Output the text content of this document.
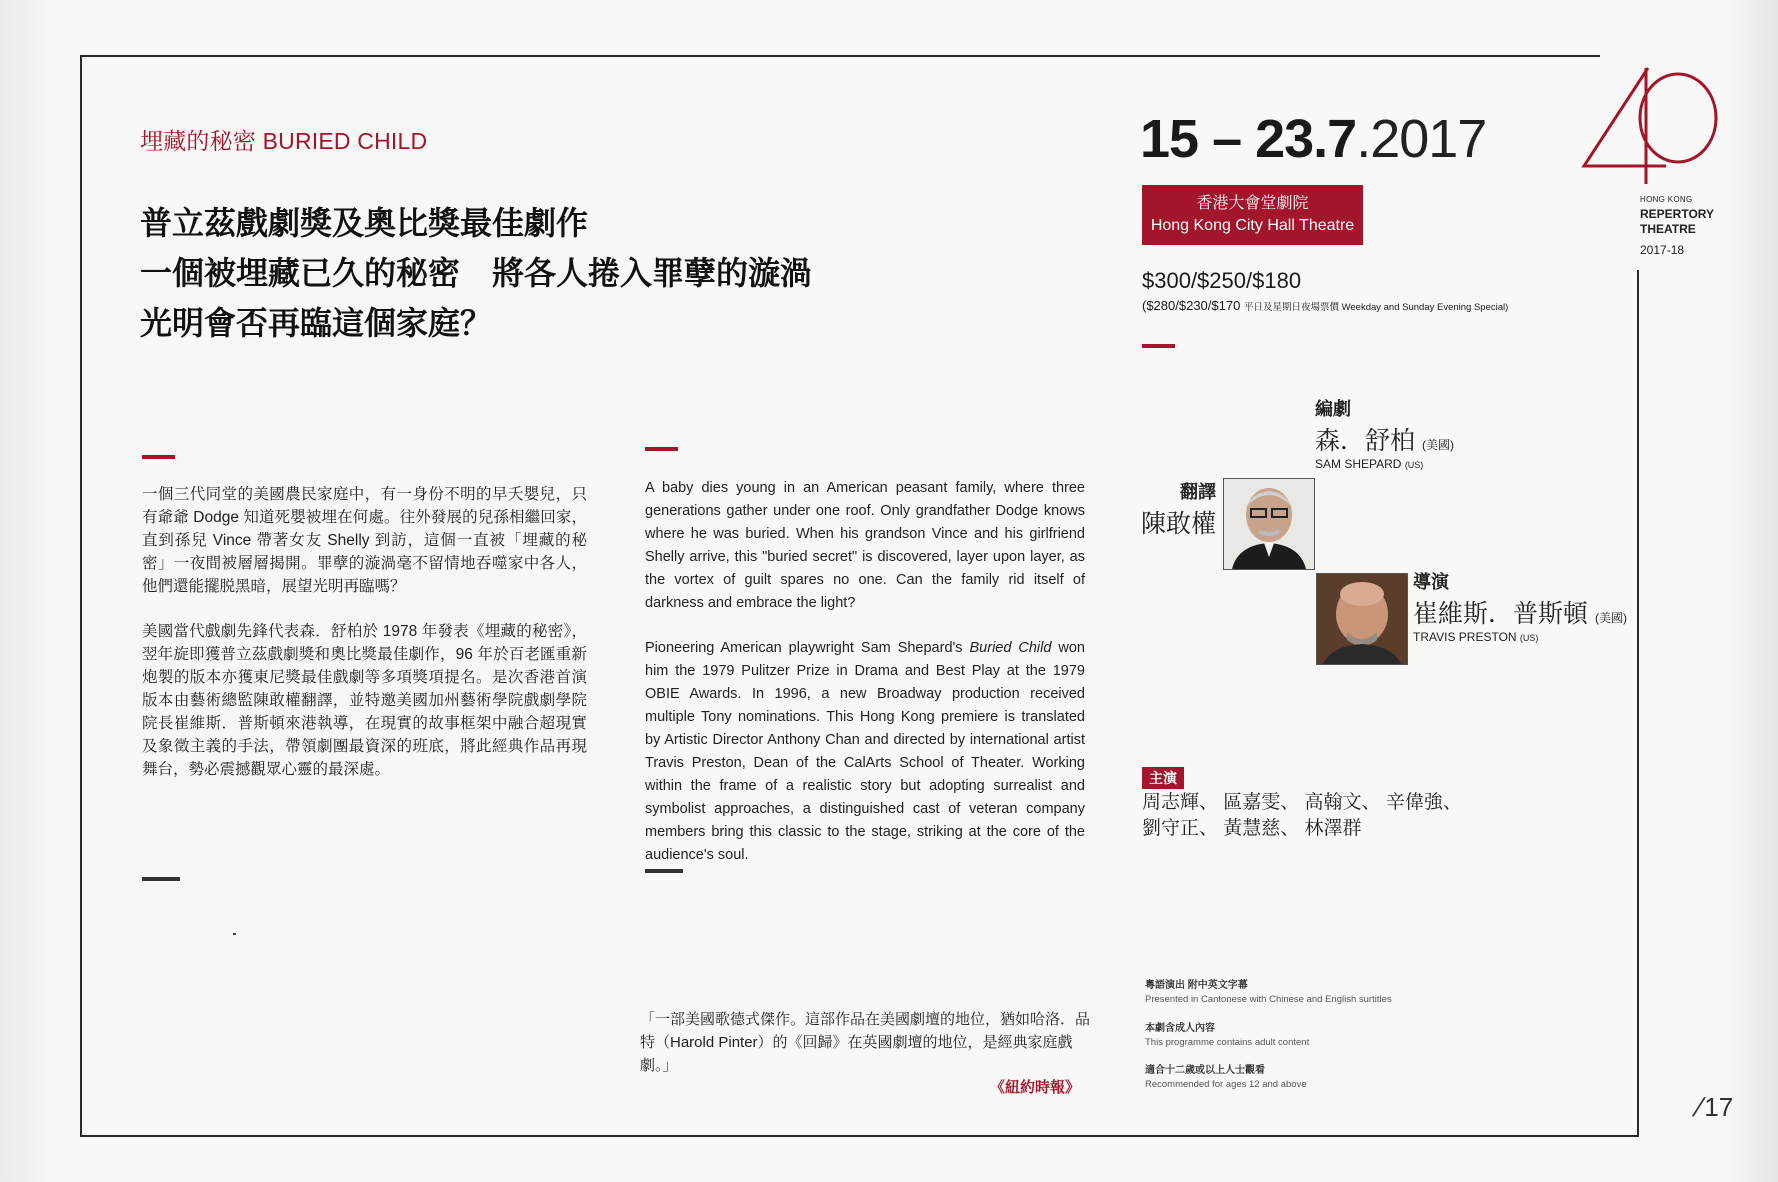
埋藏的秘密 BURIED CHILD
普立茲戲劇獎及奧比獎最佳劇作
一個被埋藏已久的秘密　將各人捲入罪孽的漩渦
光明會否再臨這個家庭？

一個三代同堂的美國農民家庭中，有一身份不明的早夭嬰兒，只有爺爺 Dodge 知道死嬰被埋在何處。往外發展的兒孫相繼回家，直到孫兒 Vince 帶著女友 Shelly 到訪，這個一直被「埋藏的秘密」一夜間被層層揭開。罪孽的漩渦毫不留情地吞噬家中各人，他們還能擺脱黑暗，展望光明再臨嗎？

美國當代戲劇先鋒代表森．舒柏於 1978 年發表《埋藏的秘密》，翌年旋即獲普立茲戲劇獎和奧比獎最佳劇作，96 年於百老匯重新炮製的版本亦獲東尼獎最佳戲劇等多項獎項提名。是次香港首演版本由藝術總監陳敢權翻譯，並特邀美國加州藝術學院戲劇學院院長崔維斯．普斯頓來港執導，在現實的故事框架中融合超現實及象徵主義的手法，帶領劇團最資深的班底，將此經典作品再現舞台，勢必震撼觀眾心靈的最深處。

A baby dies young in an American peasant family, where three generations gather under one roof. Only grandfather Dodge knows where he was buried. When his grandson Vince and his girlfriend Shelly arrive, this "buried secret" is discovered, layer upon layer, as the vortex of guilt spares no one. Can the family rid itself of darkness and embrace the light?

Pioneering American playwright Sam Shepard's Buried Child won him the 1979 Pulitzer Prize in Drama and Best Play at the 1979 OBIE Awards. In 1996, a new Broadway production received multiple Tony nominations. This Hong Kong premiere is translated by Artistic Director Anthony Chan and directed by international artist Travis Preston, Dean of the CalArts School of Theater. Working within the frame of a realistic story but adopting surrealist and symbolist approaches, a distinguished cast of veteran company members bring this classic to the stage, striking at the core of the audience's soul.

「一部美國歌德式傑作。這部作品在美國劇壇的地位，猶如哈洛．品特（Harold Pinter）的《回歸》在英國劇壇的地位，是經典家庭戲劇。」
《紐約時報》
15 – 23.7.2017
香港大會堂劇院
Hong Kong City Hall Theatre
$300/$250/$180
($280/$230/$170 平日及星期日夜場票價 Weekday and Sunday Evening Special)
HONG KONG
REPERTORY
THEATRE
2017-18
編劇
森．舒柏 (美國)
SAM SHEPARD (US)
翻譯
陳敢權
導演
崔維斯．普斯頓 (美國)
TRAVIS PRESTON (US)
主演
周志輝、 區嘉雯、 高翰文、 辛偉強、
劉守正、 黃慧慈、 林澤群
粵語演出 附中英文字幕
Presented in Cantonese with Chinese and English surtitles
本劇含成人內容
This programme contains adult content
適合十二歲或以上人士觀看
Recommended for ages 12 and above
/17
